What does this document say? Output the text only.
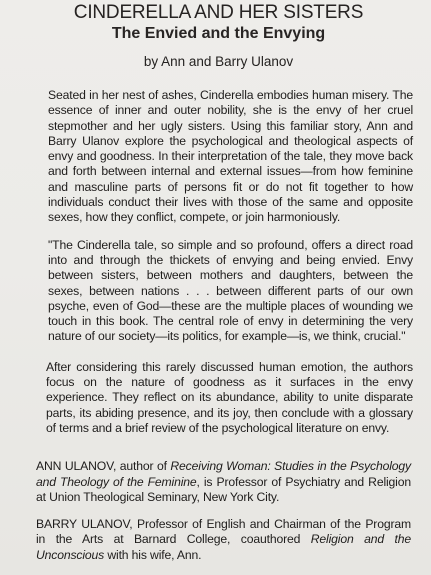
CINDERELLA AND HER SISTERS
The Envied and the Envying

by Ann and Barry Ulanov

Seated in her nest of ashes, Cinderella embodies human misery. The essence of inner and outer nobility, she is the envy of her cruel stepmother and her ugly sisters. Using this familiar story, Ann and Barry Ulanov explore the psychological and theological aspects of envy and goodness. In their interpretation of the tale, they move back and forth between internal and external issues—from how feminine and masculine parts of persons fit or do not fit together to how individuals conduct their lives with those of the same and opposite sexes, how they conflict, compete, or join harmoniously.

"The Cinderella tale, so simple and so profound, offers a direct road into and through the thickets of envying and being envied. Envy between sisters, between mothers and daughters, between the sexes, between nations . . . between different parts of our own psyche, even of God—these are the multiple places of wounding we touch in this book. The central role of envy in determining the very nature of our society—its politics, for example—is, we think, crucial."

After considering this rarely discussed human emotion, the authors focus on the nature of goodness as it surfaces in the envy experience. They reflect on its abundance, ability to unite disparate parts, its abiding presence, and its joy, then conclude with a glossary of terms and a brief review of the psychological literature on envy.

ANN ULANOV, author of Receiving Woman: Studies in the Psychology and Theology of the Feminine, is Professor of Psychiatry and Religion at Union Theological Seminary, New York City.

BARRY ULANOV, Professor of English and Chairman of the Program in the Arts at Barnard College, coauthored Religion and the Unconscious with his wife, Ann.
